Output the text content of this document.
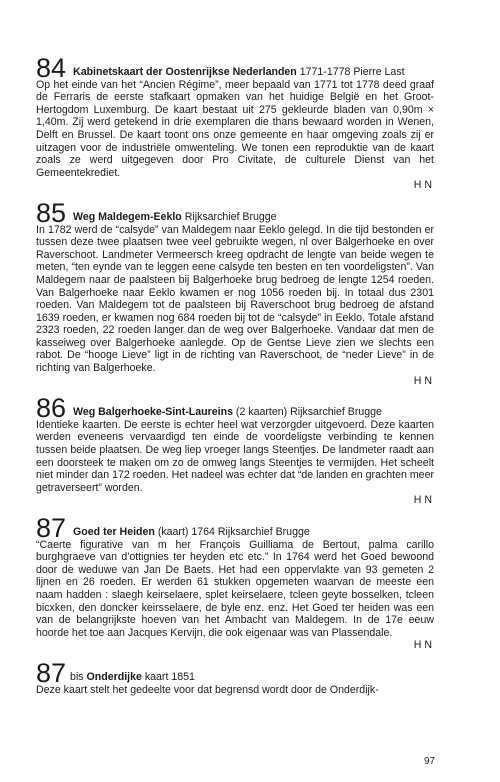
84 Kabinetskaart der Oostenrijkse Nederlanden 1771-1778 Pierre Last

Op het einde van het “Ancien Régime”, meer bepaald van 1771 tot 1778 deed graaf de Ferraris de eerste stafkaart opmaken van het huidige België en het Groot-Hertogdom Luxemburg. De kaart bestaat uit 275 gekleurde bladen van 0,90m × 1,40m. Zij werd getekend in drie exemplaren die thans bewaard worden in Wenen, Delft en Brussel. De kaart toont ons onze gemeente en haar omgeving zoals zij er uitzagen voor de industriële omwenteling. We tonen een reproduktie van de kaart zoals ze werd uitgegeven door Pro Civitate, de culturele Dienst van het Gemeentekrediet.

H N
85 Weg Maldegem-Eeklo Rijksarchief Brugge

In 1782 werd de “calsyde” van Maldegem naar Eeklo gelegd. In die tijd bestonden er tussen deze twee plaatsen twee veel gebruikte wegen, nl over Balgerhoeke en over Raverschoot. Landmeter Vermeersch kreeg opdracht de lengte van beide wegen te meten, “ten eynde van te leggen eene calsyde ten besten en ten voordeligsten”. Van Maldegem naar de paalsteen bij Balgerhoeke brug bedroeg de lengte 1254 roeden. Van Balgerhoeke naar Eeklo kwamen er nog 1056 roeden bij. In totaal dus 2301 roeden. Van Maldegem tot de paalsteen bij Raverschoot brug bedroeg de afstand 1639 roeden, er kwamen nog 684 roeden bij tot de “calsyde” in Eeklo. Totale afstand 2323 roeden, 22 roeden langer dan de weg over Balgerhoeke. Vandaar dat men de kasseiweg over Balgerhoeke aanlegde. Op de Gentse Lieve zien we slechts een rabot. De “hooge Lieve” ligt in de richting van Raverschoot, de “neder Lieve” in de richting van Balgerhoeke.

H N
86 Weg Balgerhoeke-Sint-Laureins (2 kaarten) Rijksarchief Brugge

Identieke kaarten. De eerste is echter heel wat verzorgder uitgevoerd. Deze kaarten werden eveneens vervaardigd ten einde de voordeligste verbinding te kennen tussen beide plaatsen. De weg liep vroeger langs Steentjes. De landmeter raadt aan een doorsteek te maken om zo de omweg langs Steentjes te vermijden. Het scheelt niet minder dan 172 roeden. Het nadeel was echter dat “de landen en grachten meer getraverseert” worden.

H N
87 Goed ter Heiden (kaart) 1764 Rijksarchief Brugge

“Caerte figurative van m her François Guilliama de Bertout, palma carillo burghgraeve van d'ottignies ter heyden etc etc.” In 1764 werd het Goed bewoond door de weduwe van Jan De Baets. Het had een oppervlakte van 93 gemeten 2 lijnen en 26 roeden. Er werden 61 stukken opgemeten waarvan de meeste een naam hadden : slaegh keirselaere, splet keirselaere, tcleen geyte bosselken, tcleen bicxken, den doncker keirsselaere, de byle enz. enz. Het Goed ter heiden was een van de belangrijkste hoeven van het Ambacht van Maldegem. In de 17e eeuw hoorde het toe aan Jacques Kervijn, die ook eigenaar was van Plassendale.

H N
87 bis Onderdijke kaart 1851

Deze kaart stelt het gedeelte voor dat begrensd wordt door de Onderdijk-

97
